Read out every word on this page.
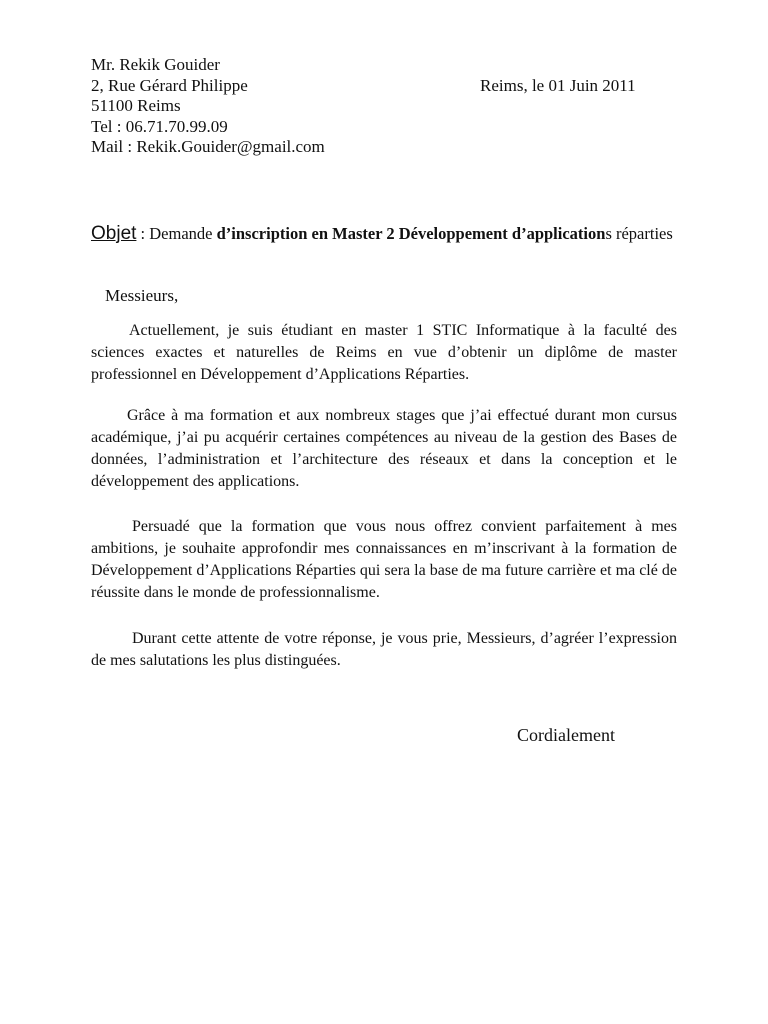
Mr. Rekik Gouider
2, Rue Gérard Philippe
51100 Reims
Tel : 06.71.70.99.09
Mail : Rekik.Gouider@gmail.com
Reims, le 01 Juin 2011
Objet : Demande d’inscription en Master 2 Développement d’applications réparties
Messieurs,
Actuellement, je suis étudiant en master 1 STIC Informatique à la faculté des sciences exactes et naturelles de Reims en vue d’obtenir un diplôme de master professionnel en Développement d’Applications Réparties.
Grâce à ma formation et aux nombreux stages que j’ai effectué durant mon cursus académique, j’ai pu acquérir certaines compétences au niveau de la gestion des Bases de données, l’administration et l’architecture des réseaux et dans la conception et le développement des applications.
Persuadé que la formation que vous nous offrez convient parfaitement à mes ambitions, je souhaite approfondir mes connaissances en m’inscrivant à la formation de Développement d’Applications Réparties qui sera la base de ma future carrière et ma clé de réussite dans le monde de professionnalisme.
Durant cette attente de votre réponse, je vous prie, Messieurs, d’agréer l’expression de mes salutations les plus distinguées.
Cordialement
